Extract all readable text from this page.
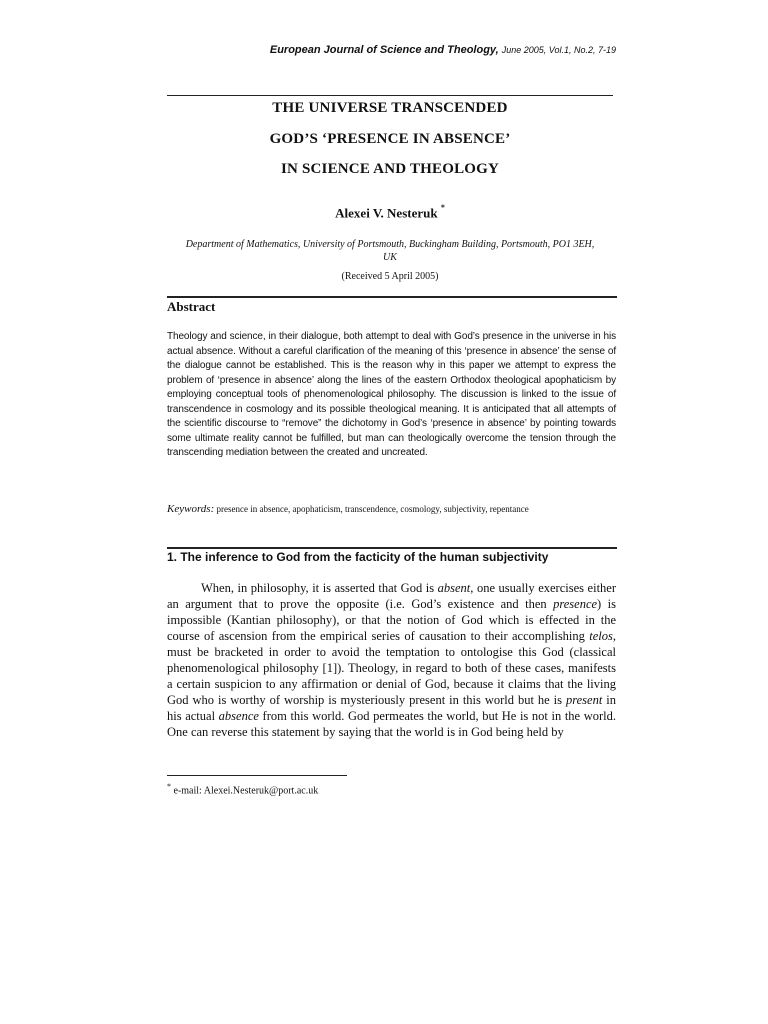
European Journal of Science and Theology, June 2005, Vol.1, No.2, 7-19
THE UNIVERSE TRANSCENDED
GOD’S ‘PRESENCE IN ABSENCE’
IN SCIENCE AND THEOLOGY
Alexei V. Nesteruk *
Department of Mathematics, University of Portsmouth, Buckingham Building, Portsmouth, PO1 3EH, UK
(Received 5 April 2005)
Abstract
Theology and science, in their dialogue, both attempt to deal with God’s presence in the universe in his actual absence. Without a careful clarification of the meaning of this ‘presence in absence’ the sense of the dialogue cannot be established. This is the reason why in this paper we attempt to express the problem of ‘presence in absence’ along the lines of the eastern Orthodox theological apophaticism by employing conceptual tools of phenomenological philosophy. The discussion is linked to the issue of transcendence in cosmology and its possible theological meaning. It is anticipated that all attempts of the scientific discourse to “remove” the dichotomy in God’s ‘presence in absence’ by pointing towards some ultimate reality cannot be fulfilled, but man can theologically overcome the tension through the transcending mediation between the created and uncreated.
Keywords: presence in absence, apophaticism, transcendence, cosmology, subjectivity, repentance
1. The inference to God from the facticity of the human subjectivity

When, in philosophy, it is asserted that God is absent, one usually exercises either an argument that to prove the opposite (i.e. God’s existence and then presence) is impossible (Kantian philosophy), or that the notion of God which is effected in the course of ascension from the empirical series of causation to their accomplishing telos, must be bracketed in order to avoid the temptation to ontologise this God (classical phenomenological philosophy [1]). Theology, in regard to both of these cases, manifests a certain suspicion to any affirmation or denial of God, because it claims that the living God who is worthy of worship is mysteriously present in this world but he is present in his actual absence from this world. God permeates the world, but He is not in the world. One can reverse this statement by saying that the world is in God being held by

* e-mail: Alexei.Nesteruk@port.ac.uk
